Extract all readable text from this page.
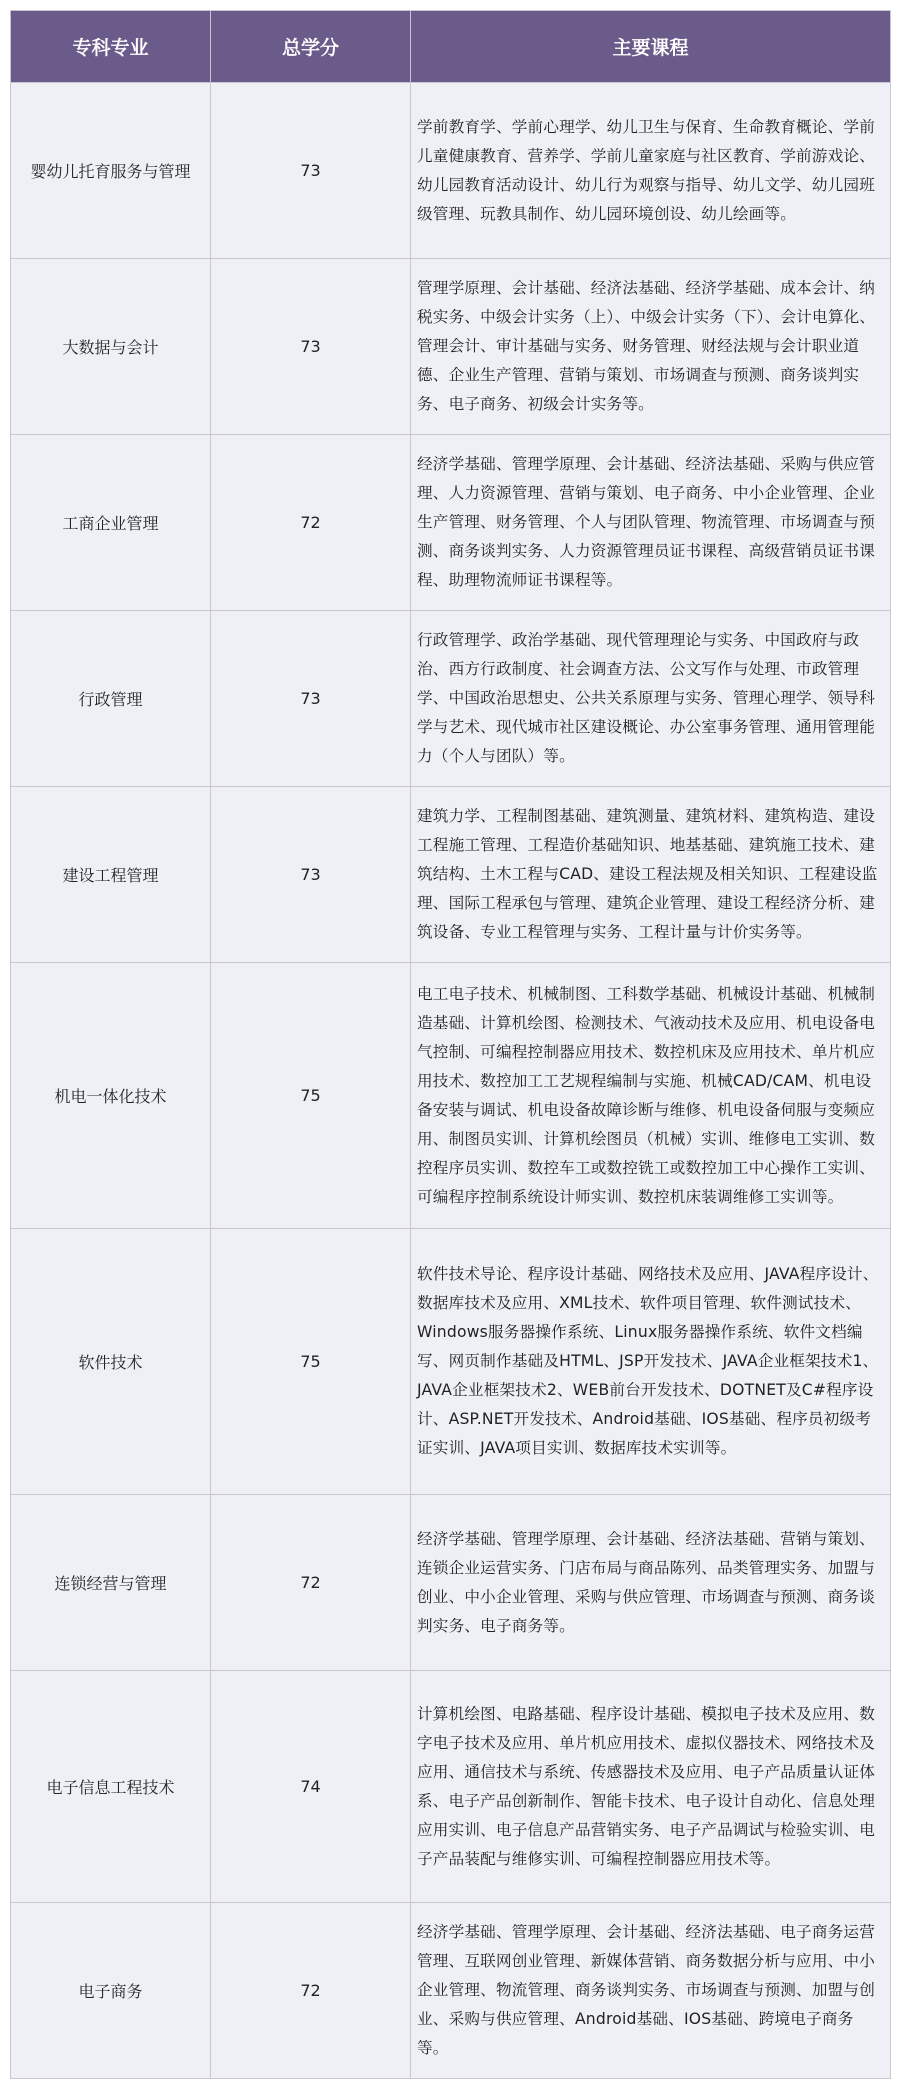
专科专业	总学分	主要课程
婴幼儿托育服务与管理	73	学前教育学、学前心理学、幼儿卫生与保育、生命教育概论、学前儿童健康教育、营养学、学前儿童家庭与社区教育、学前游戏论、幼儿园教育活动设计、幼儿行为观察与指导、幼儿文学、幼儿园班级管理、玩教具制作、幼儿园环境创设、幼儿绘画等。
大数据与会计	73	管理学原理、会计基础、经济法基础、经济学基础、成本会计、纳税实务、中级会计实务（上）、中级会计实务（下）、会计电算化、管理会计、审计基础与实务、财务管理、财经法规与会计职业道德、企业生产管理、营销与策划、市场调查与预测、商务谈判实务、电子商务、初级会计实务等。
工商企业管理	72	经济学基础、管理学原理、会计基础、经济法基础、采购与供应管理、人力资源管理、营销与策划、电子商务、中小企业管理、企业生产管理、财务管理、个人与团队管理、物流管理、市场调查与预测、商务谈判实务、人力资源管理员证书课程、高级营销员证书课程、助理物流师证书课程等。
行政管理	73	行政管理学、政治学基础、现代管理理论与实务、中国政府与政治、西方行政制度、社会调查方法、公文写作与处理、市政管理学、中国政治思想史、公共关系原理与实务、管理心理学、领导科学与艺术、现代城市社区建设概论、办公室事务管理、通用管理能力（个人与团队）等。
建设工程管理	73	建筑力学、工程制图基础、建筑测量、建筑材料、建筑构造、建设工程施工管理、工程造价基础知识、地基基础、建筑施工技术、建筑结构、土木工程与CAD、建设工程法规及相关知识、工程建设监理、国际工程承包与管理、建筑企业管理、建设工程经济分析、建筑设备、专业工程管理与实务、工程计量与计价实务等。
机电一体化技术	75	电工电子技术、机械制图、工科数学基础、机械设计基础、机械制造基础、计算机绘图、检测技术、气液动技术及应用、机电设备电气控制、可编程控制器应用技术、数控机床及应用技术、单片机应用技术、数控加工工艺规程编制与实施、机械CAD/CAM、机电设备安装与调试、机电设备故障诊断与维修、机电设备伺服与变频应用、制图员实训、计算机绘图员（机械）实训、维修电工实训、数控程序员实训、数控车工或数控铣工或数控加工中心操作工实训、可编程序控制系统设计师实训、数控机床装调维修工实训等。
软件技术	75	软件技术导论、程序设计基础、网络技术及应用、JAVA程序设计、数据库技术及应用、XML技术、软件项目管理、软件测试技术、Windows服务器操作系统、Linux服务器操作系统、软件文档编写、网页制作基础及HTML、JSP开发技术、JAVA企业框架技术1、JAVA企业框架技术2、WEB前台开发技术、DOTNET及C#程序设计、ASP.NET开发技术、Android基础、IOS基础、程序员初级考证实训、JAVA项目实训、数据库技术实训等。
连锁经营与管理	72	经济学基础、管理学原理、会计基础、经济法基础、营销与策划、连锁企业运营实务、门店布局与商品陈列、品类管理实务、加盟与创业、中小企业管理、采购与供应管理、市场调查与预测、商务谈判实务、电子商务等。
电子信息工程技术	74	计算机绘图、电路基础、程序设计基础、模拟电子技术及应用、数字电子技术及应用、单片机应用技术、虚拟仪器技术、网络技术及应用、通信技术与系统、传感器技术及应用、电子产品质量认证体系、电子产品创新制作、智能卡技术、电子设计自动化、信息处理应用实训、电子信息产品营销实务、电子产品调试与检验实训、电子产品装配与维修实训、可编程控制器应用技术等。
电子商务	72	经济学基础、管理学原理、会计基础、经济法基础、电子商务运营管理、互联网创业管理、新媒体营销、商务数据分析与应用、中小企业管理、物流管理、商务谈判实务、市场调查与预测、加盟与创业、采购与供应管理、Android基础、IOS基础、跨境电子商务等。
